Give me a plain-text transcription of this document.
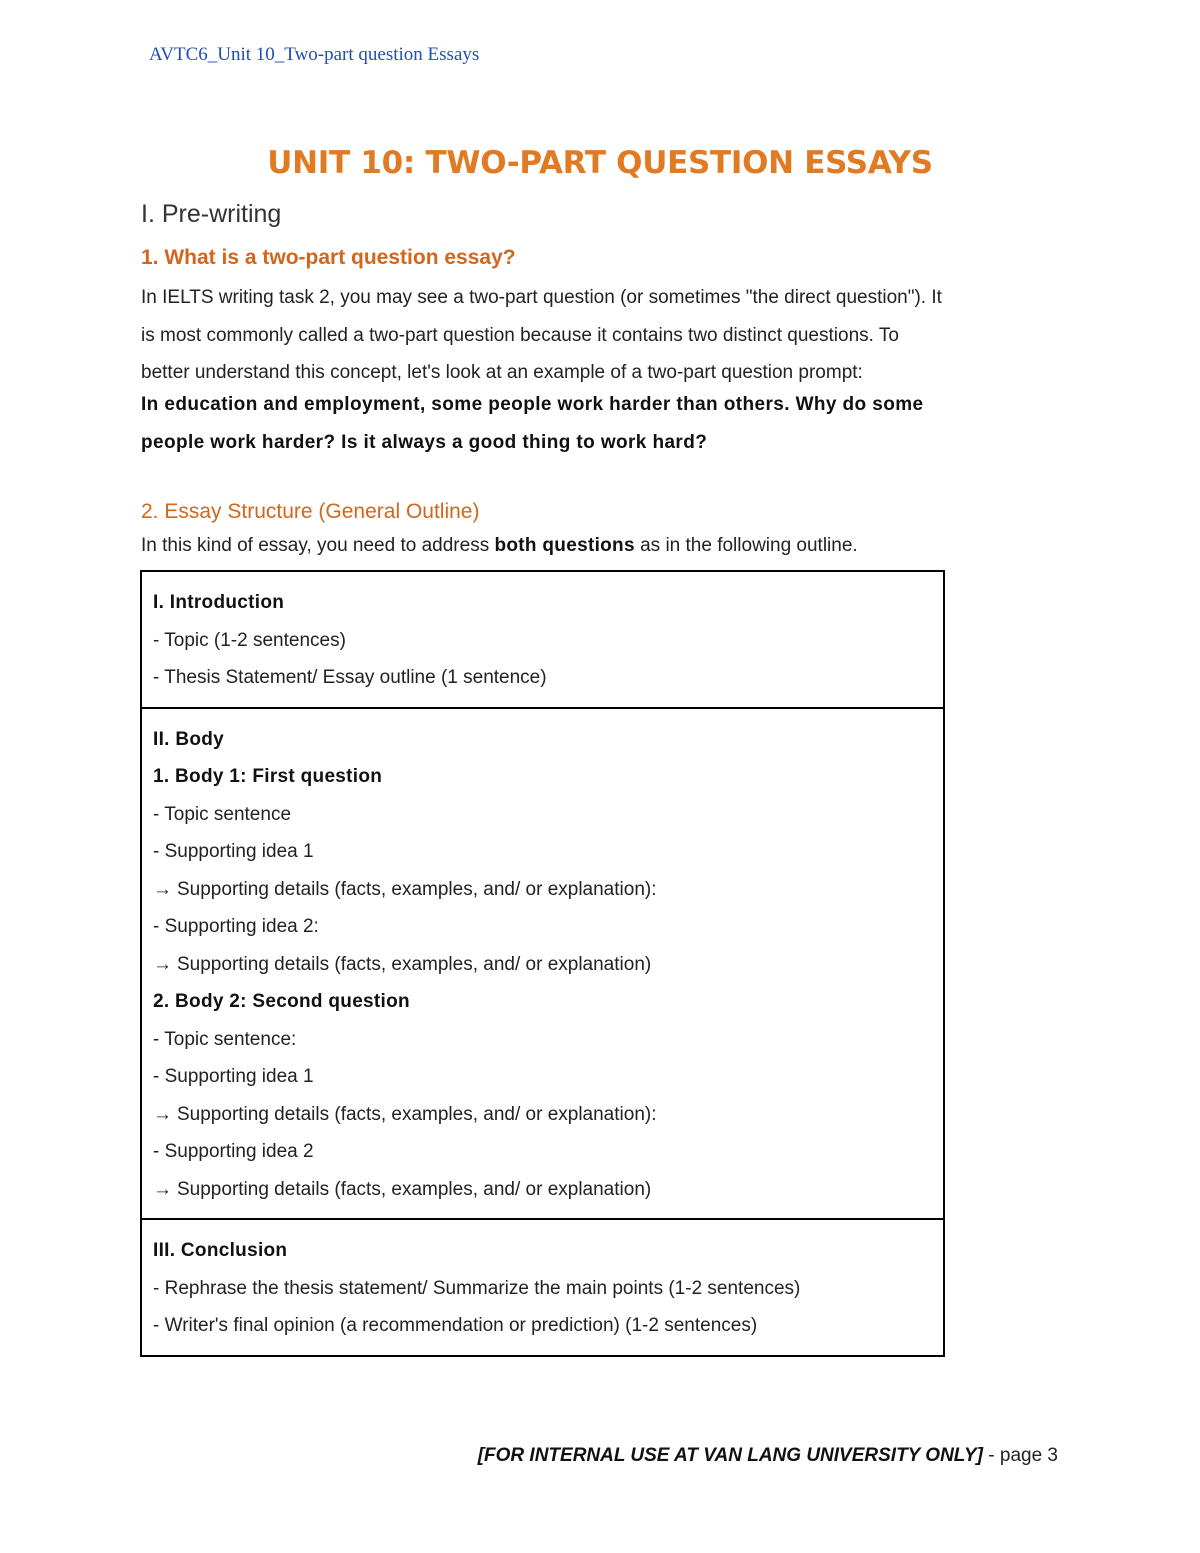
AVTC6_Unit 10_Two-part question Essays
UNIT 10: TWO-PART QUESTION ESSAYS
I. Pre-writing
1. What is a two-part question essay?
In IELTS writing task 2, you may see a two-part question (or sometimes "the direct question"). It
is most commonly called a two-part question because it contains two distinct questions. To
better understand this concept, let's look at an example of a two-part question prompt:
In education and employment, some people work harder than others. Why do some
people work harder? Is it always a good thing to work hard?
2. Essay Structure (General Outline)
In this kind of essay, you need to address both questions as in the following outline.
I. Introduction
- Topic (1-2 sentences)
- Thesis Statement/ Essay outline (1 sentence)
II. Body
1. Body 1: First question
- Topic sentence
- Supporting idea 1
→ Supporting details (facts, examples, and/ or explanation):
- Supporting idea 2:
→ Supporting details (facts, examples, and/ or explanation)
2. Body 2: Second question
- Topic sentence:
- Supporting idea 1
→ Supporting details (facts, examples, and/ or explanation):
- Supporting idea 2
→ Supporting details (facts, examples, and/ or explanation)
III. Conclusion
- Rephrase the thesis statement/ Summarize the main points (1-2 sentences)
- Writer's final opinion (a recommendation or prediction) (1-2 sentences)
[FOR INTERNAL USE AT VAN LANG UNIVERSITY ONLY] - page 3
